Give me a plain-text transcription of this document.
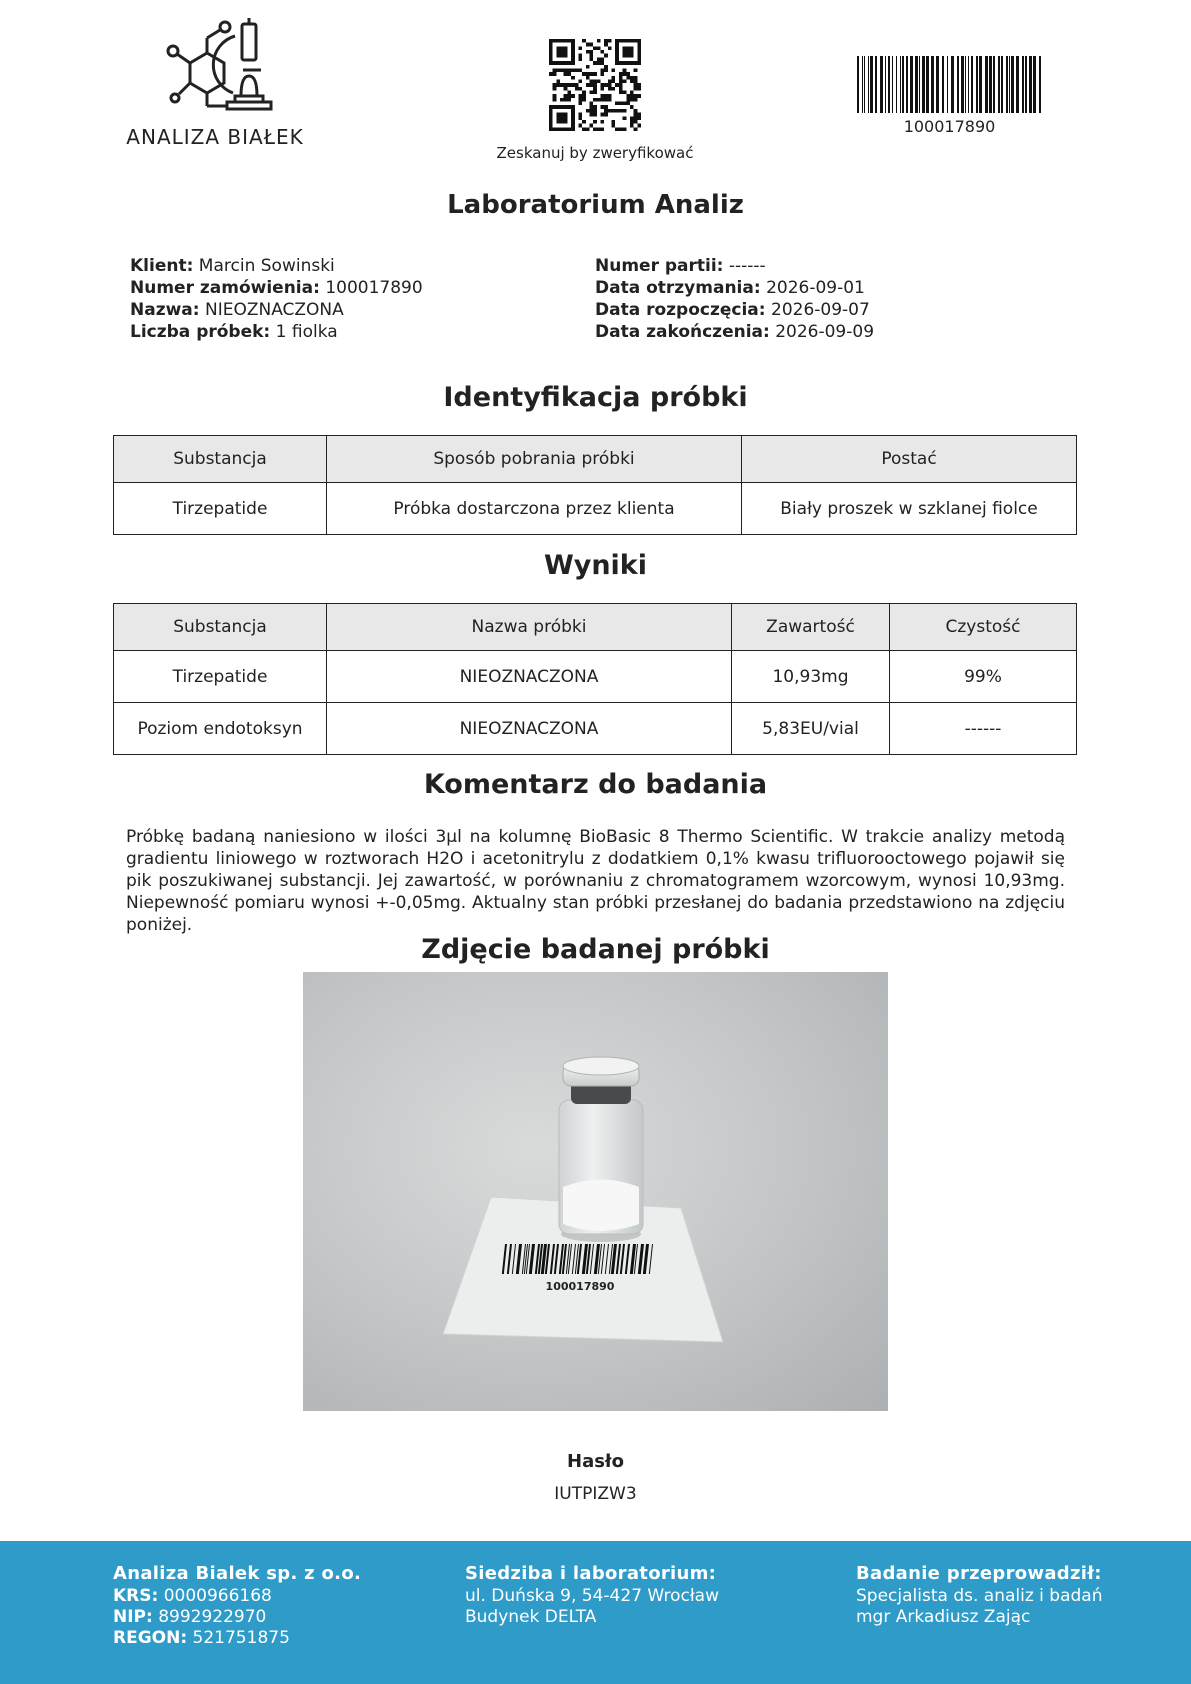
ANALIZA BIAŁEK
Zeskanuj by zweryfikować
100017890
Laboratorium Analiz
Klient: Marcin Sowinski
Numer zamówienia: 100017890
Nazwa: NIEOZNACZONA
Liczba próbek: 1 fiolka
Numer partii: ------
Data otrzymania: 2026-09-01
Data rozpoczęcia: 2026-09-07
Data zakończenia: 2026-09-09
Identyfikacja próbki
Substancja	Sposób pobrania próbki	Postać
Tirzepatide	Próbka dostarczona przez klienta	Biały proszek w szklanej fiolce
Wyniki
Substancja	Nazwa próbki	Zawartość	Czystość
Tirzepatide	NIEOZNACZONA	10,93mg	99%
Poziom endotoksyn	NIEOZNACZONA	5,83EU/vial	------
Komentarz do badania
Próbkę badaną naniesiono w ilości 3µl na kolumnę BioBasic 8 Thermo Scientific. W trakcie analizy metodą gradientu liniowego w roztworach H2O i acetonitrylu z dodatkiem 0,1% kwasu trifluorooctowego pojawił się pik poszukiwanej substancji. Jej zawartość, w porównaniu z chromatogramem wzorcowym, wynosi 10,93mg. Niepewność pomiaru wynosi +-0,05mg. Aktualny stan próbki przesłanej do badania przedstawiono na zdjęciu poniżej.
Zdjęcie badanej próbki
100017890
Hasło
IUTPIZW3
Analiza Bialek sp. z o.o.
KRS: 0000966168
NIP: 8992922970
REGON: 521751875
Siedziba i laboratorium:
ul. Duńska 9, 54-427 Wrocław
Budynek DELTA
Badanie przeprowadził:
Specjalista ds. analiz i badań
mgr Arkadiusz Zając
